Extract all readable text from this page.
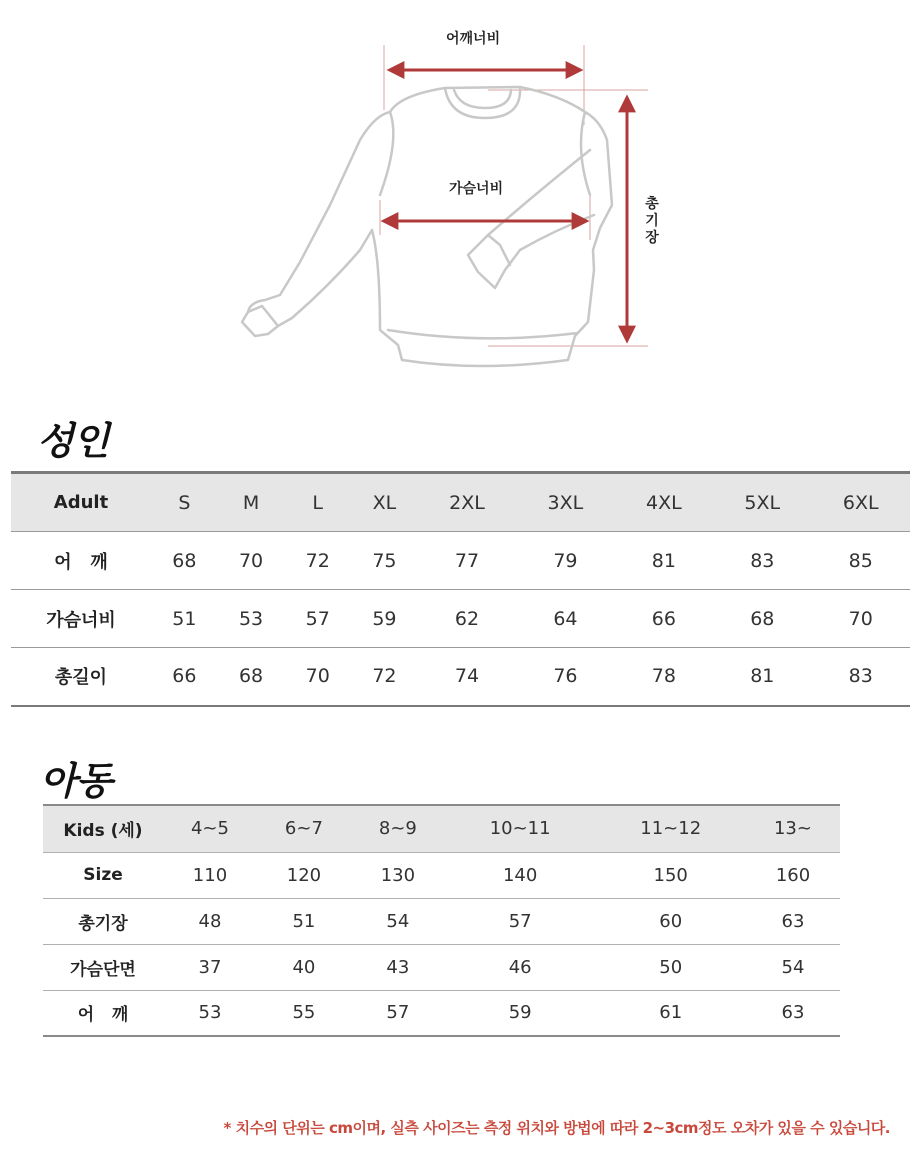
어깨너비
가슴너비
총기장
성인
Adult	S	M	L	XL	2XL	3XL	4XL	5XL	6XL
어   깨	68	70	72	75	77	79	81	83	85
가슴너비	51	53	57	59	62	64	66	68	70
총길이	66	68	70	72	74	76	78	81	83
아동
Kids (세)	4~5	6~7	8~9	10~11	11~12	13~
Size	110	120	130	140	150	160
총기장	48	51	54	57	60	63
가슴단면	37	40	43	46	50	54
어   깨	53	55	57	59	61	63
* 치수의 단위는 cm이며, 실측 사이즈는 측정 위치와 방법에 따라 2~3cm정도 오차가 있을 수 있습니다.
